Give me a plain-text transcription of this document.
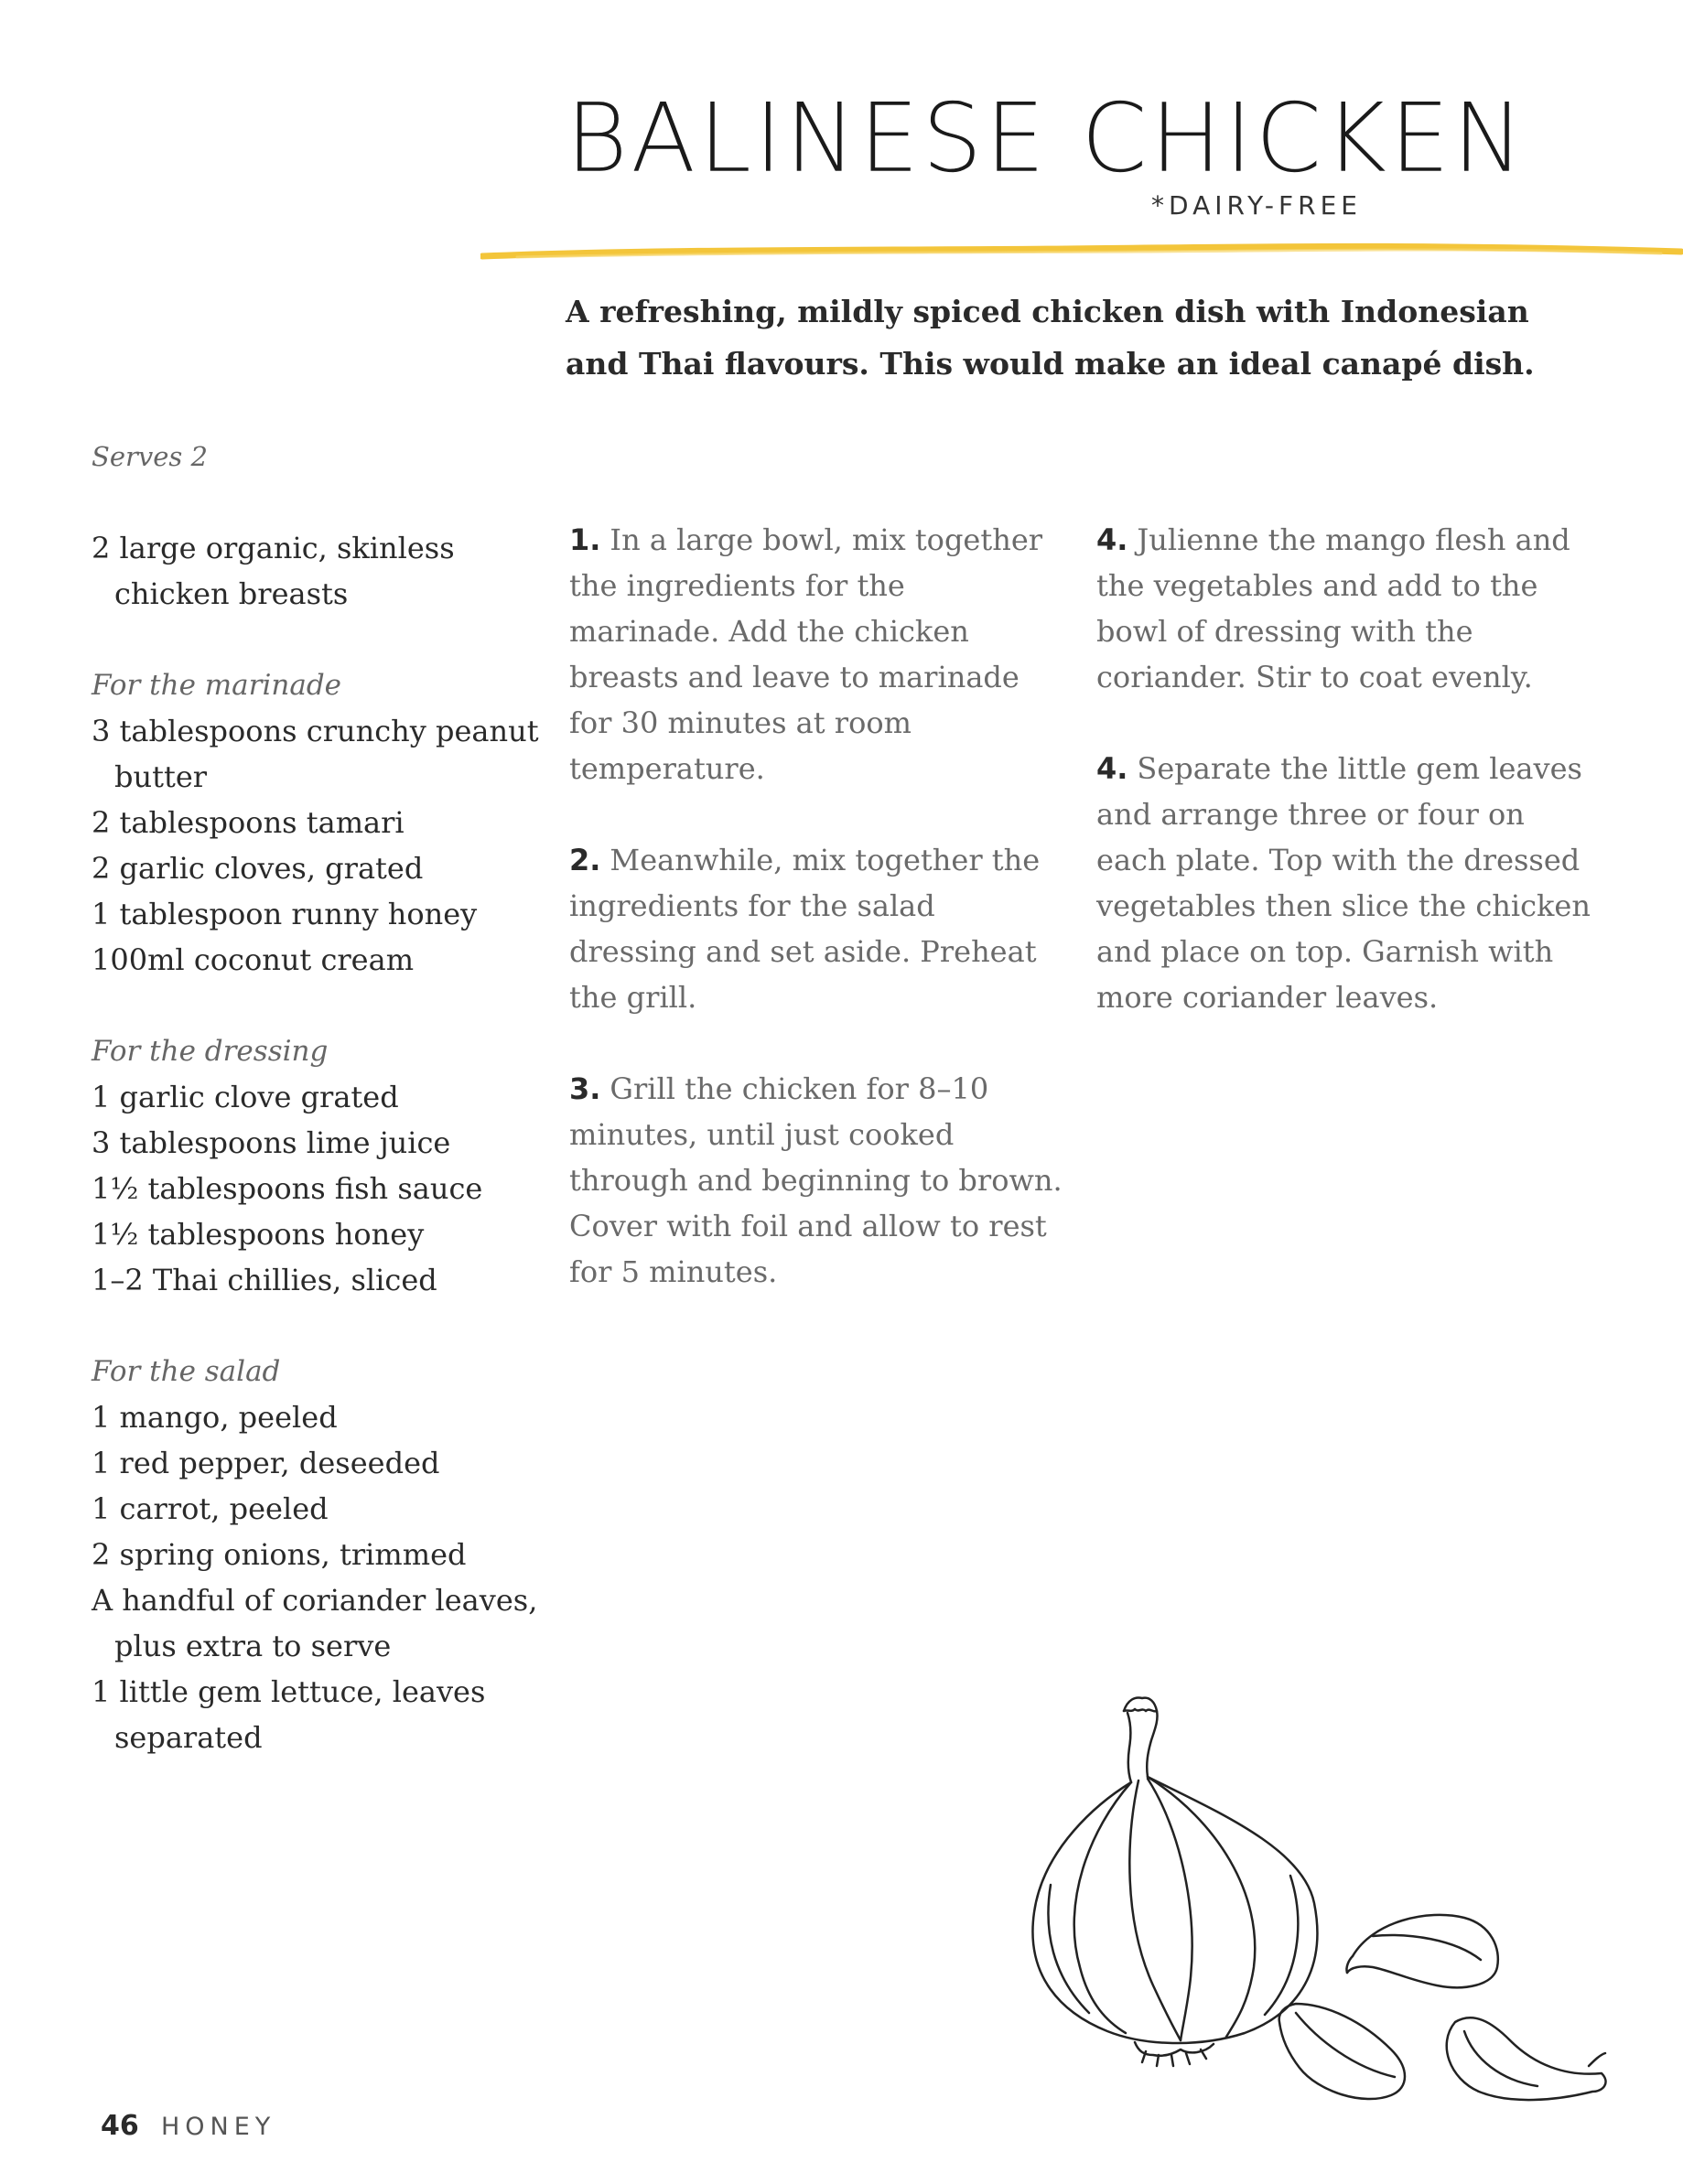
BALINESE CHICKEN
*DAIRY-FREE

A refreshing, mildly spiced chicken dish with Indonesian and Thai flavours. This would make an ideal canapé dish.

Serves 2
2 large organic, skinless chicken breasts
For the marinade
3 tablespoons crunchy peanut butter
2 tablespoons tamari
2 garlic cloves, grated
1 tablespoon runny honey
100ml coconut cream
For the dressing
1 garlic clove grated
3 tablespoons lime juice
1½ tablespoons fish sauce
1½ tablespoons honey
1–2 Thai chillies, sliced
For the salad
1 mango, peeled
1 red pepper, deseeded
1 carrot, peeled
2 spring onions, trimmed
A handful of coriander leaves, plus extra to serve
1 little gem lettuce, leaves separated

1. In a large bowl, mix together the ingredients for the marinade. Add the chicken breasts and leave to marinade for 30 minutes at room temperature.

2. Meanwhile, mix together the ingredients for the salad dressing and set aside. Preheat the grill.

3. Grill the chicken for 8–10 minutes, until just cooked through and beginning to brown. Cover with foil and allow to rest for 5 minutes.

4. Julienne the mango flesh and the vegetables and add to the bowl of dressing with the coriander. Stir to coat evenly.

4. Separate the little gem leaves and arrange three or four on each plate. Top with the dressed vegetables then slice the chicken and place on top. Garnish with more coriander leaves.

46 HONEY
